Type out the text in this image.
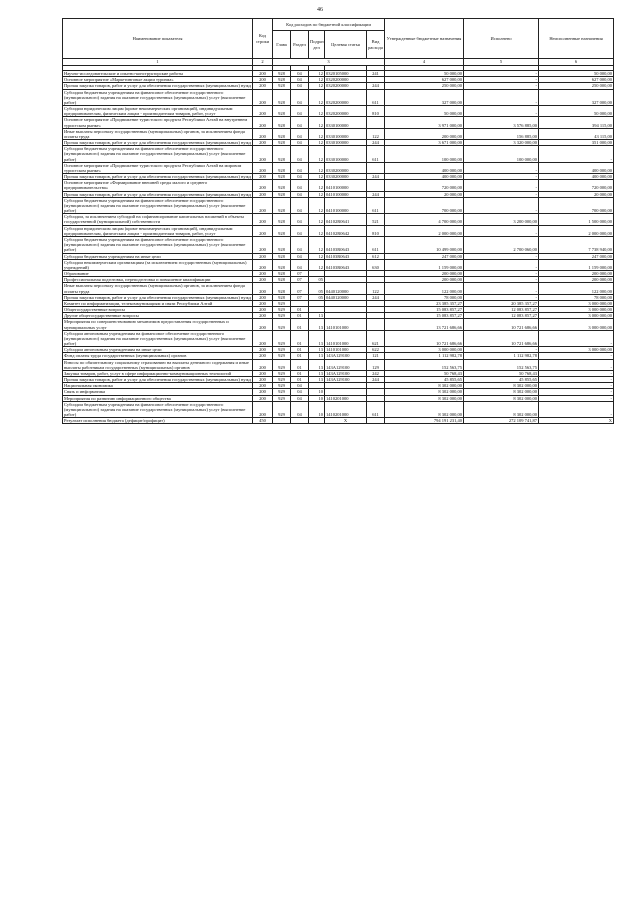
46
Наименование показателя	Код строки	Код расходов по бюджетной классификации					Утвержденные бюджетные назначения	Исполнено	Неисполненные назначения
		Глава	Раздел	Подраз дел	Целевая статья	Вид расхода			
1	2	3					4	5	6

Научно-исследовательские и опытно-конструкторские работы	200	928	04	12	0320105000	241	50 000,00	-	50 000,00
Основное мероприятие «Маркетинговые акции туризма»	200	928	04	12	0320200000		627 000,00	-	627 000,00
Прочая закупка товаров, работ и услуг для обеспечения государственных (муниципальных) нужд	200	928	04	12	0320200000	244	250 000,00	-	250 000,00
Субсидии бюджетным учреждениям на финансовое обеспечение государственного (муниципального) задания на оказание государственных (муниципальных) услуг (выполнение работ)	200	928	04	12	0320200000	611	327 000,00	-	327 000,00
Субсидии юридическим лицам (кроме некоммерческих организаций), индивидуальным предпринимателям, физическим лицам - производителям товаров, работ, услуг	200	928	04	12	0320200000	810	50 000,00	-	50 000,00
Основное мероприятие «Продвижение туристского продукта Республики Алтай на внутреннем туристском рынке»	200	928	04	12	0330100000		3 971 000,00	3 576 885,00	394 115,00
Иные выплаты персоналу государственных (муниципальных) органов, за исключением фонда оплаты труда	200	928	04	12	0330100000	122	200 000,00	156 885,00	43 115,00
Прочая закупка товаров, работ и услуг для обеспечения государственных (муниципальных) нужд	200	928	04	12	0330100000	244	3 671 000,00	3 320 000,00	351 000,00
Субсидии бюджетным учреждениям на финансовое обеспечение государственного (муниципального) задания на оказание государственных (муниципальных) услуг (выполнение работ)	200	928	04	12	0330100000	611	100 000,00	100 000,00	-
Основное мероприятие «Продвижение туристского продукта Республики Алтай на мировом туристском рынке»	200	928	04	12	0330200000		400 000,00	-	400 000,00
Прочая закупка товаров, работ и услуг для обеспечения государственных (муниципальных) нужд	200	928	04	12	0330200000	244	400 000,00	-	400 000,00
Основное мероприятие «Формирование внешней среды малого и среднего предпринимательства»	200	928	04	12	0410100000		720 000,00	-	720 000,00
Прочая закупка товаров, работ и услуг для обеспечения государственных (муниципальных) нужд	200	928	04	12	0410100000	244	20 000,00	-	20 000,00
Субсидии бюджетным учреждениям на финансовое обеспечение государственного (муниципального) задания на оказание государственных (муниципальных) услуг (выполнение работ)	200	928	04	12	0410100000	611	700 000,00	-	700 000,00
Субсидии, за исключением субсидий на софинансирование капитальных вложений в объекты государственной (муниципальной) собственности	200	928	04	12	04102R0641	521	4 700 000,00	3 200 000,00	1 500 000,00
Субсидии юридическим лицам (кроме некоммерческих организаций), индивидуальным предпринимателям, физическим лицам - производителям товаров, работ, услуг	200	928	04	12	04102R0642	810	2 000 000,00	-	2 000 000,00
Субсидии бюджетным учреждениям на финансовое обеспечение государственного (муниципального) задания на оказание государственных (муниципальных) услуг (выполнение работ)	200	928	04	12	04103R0643	611	10 499 000,00	2 700 060,00	7 738 940,00
Субсидии бюджетным учреждениям на иные цели	200	928	04	12	04103R0643	612	247 000,00	-	247 000,00
Субсидии некоммерческим организациям (за исключением государственных (муниципальных) учреждений)	200	928	04	12	04103R0643	630	1 159 000,00	-	1 159 000,00
Образование	200	928	07				200 000,00	-	200 000,00
Профессиональная подготовка, переподготовка и повышение квалификации	200	928	07	05			200 000,00	-	200 000,00
Иные выплаты персоналу государственных (муниципальных) органов, за исключением фонда оплаты труда	200	928	07	05	0440120000	122	122 000,00	-	122 000,00
Прочая закупка товаров, работ и услуг для обеспечения государственных (муниципальных) нужд	200	928	07	05	0440120000	244	78 000,00	-	78 000,00
Комитет по информатизации, телекоммуникациям и связи Республики Алтай	200	929					23 385 357,27	20 385 357,27	3 000 000,00
Общегосударственные вопросы	200	929	01				15 083 857,27	12 083 857,27	3 000 000,00
Другие общегосударственные вопросы	200	929	01	13			15 083 857,27	12 083 857,27	3 000 000,00
Мероприятия по совершенствованию механизмов предоставления государственных и муниципальных услуг	200	929	01	13	1410101000		13 721 686,66	10 721 686,66	3 000 000,00
Субсидии автономным учреждениям на финансовое обеспечение государственного (муниципального) задания на оказание государственных (муниципальных) услуг (выполнение работ)	200	929	01	13	1410101000	621	10 721 686,66	10 721 686,66	-
Субсидии автономным учреждениям на иные цели	200	929	01	13	1410101000	622	3 000 000,00	-	3 000 000,00
Фонд оплаты труда государственных (муниципальных) органов	200	929	01	13	143A129100	121	1 112 982,78	1 112 982,78	-
Взносы по обязательному социальному страхованию на выплаты денежного содержания и иные выплаты работникам государственных (муниципальных) органов	200	929	01	13	143A129100	129	152 563,75	152 563,75	-
Закупка товаров, работ, услуг в сфере информационно-коммуникационных технологий	200	929	01	13	143A129100	242	50 768,43	50 768,43	-
Прочая закупка товаров, работ и услуг для обеспечения государственных (муниципальных) нужд	200	929	01	13	143A129100	244	45 855,65	45 855,65	-
Национальная экономика	200	929	04				8 302 000,00	8 302 000,00	-
Связь и информатика	200	929	04	10			8 302 000,00	8 302 000,00	-
Мероприятия по развитию информационного общества	200	929	04	10	1410201000		8 302 000,00	8 302 000,00	-
Субсидии бюджетным учреждениям на финансовое обеспечение государственного (муниципального) задания на оказание государственных (муниципальных) услуг (выполнение работ)	200	929	04	10	1410201000	611	8 302 000,00	8 302 000,00	-
Результат исполнения бюджета (дефицит/профицит)	450				X		794 191 231,40	272 109 741,87	X
